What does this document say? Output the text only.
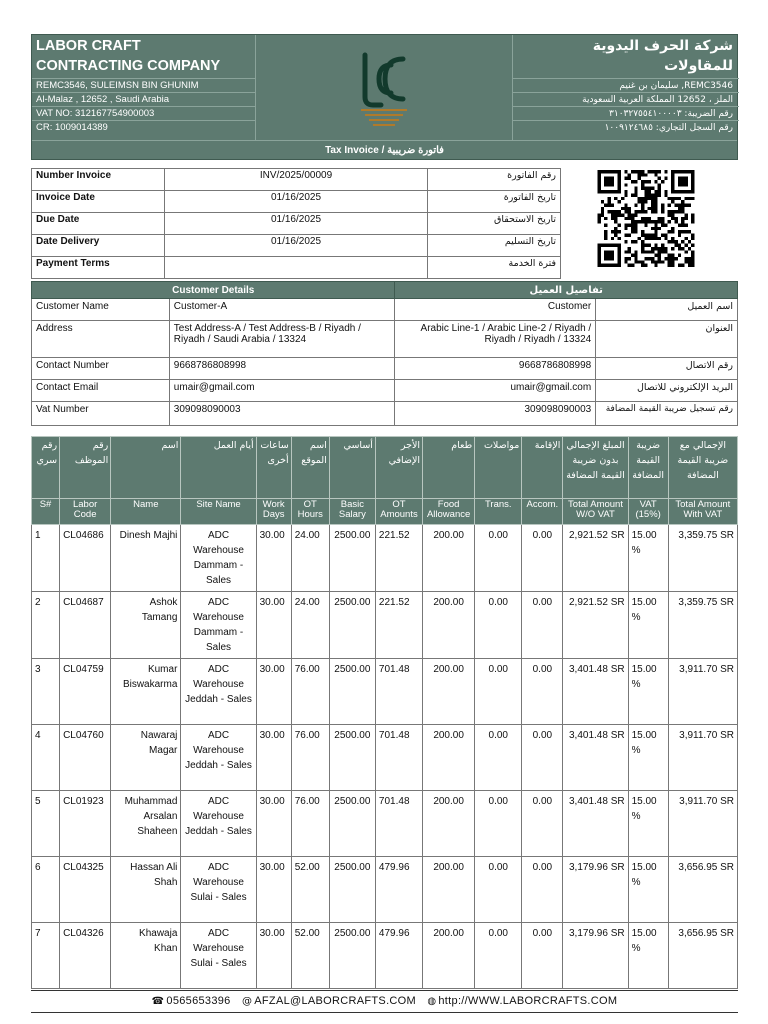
LABOR CRAFT CONTRACTING COMPANY
REMC3546, SULEIMSN BIN GHUNIM
Al-Malaz , 12652 , Saudi Arabia
VAT NO: 312167754900003
CR: 1009014389
شركة الحرف اليدوية للمقاولات
REMC3546, سليمان بن غنيم
الملز ، 12652 المملكة العربية السعودية
رقم الضريبة: ٣١٠٣٢٧٥٥٤١٠٠٠٠٣
رقم السجل التجاري: ١٠٠٩١٢٤٦٨٥
Tax Invoice / فاتورة ضريبية
Number Invoice	INV/2025/00009	رقم الفاتورة
Invoice Date	01/16/2025	تاريخ الفاتورة
Due Date	01/16/2025	تاريخ الاستحقاق
Date Delivery	01/16/2025	تاريخ التسليم
Payment Terms		فترة الخدمة
Customer Details		تفاصيل العميل	
Customer Name	Customer-A	Customer	اسم العميل
Address	Test Address-A / Test Address-B / Riyadh / Riyadh / Saudi Arabia / 13324	Arabic Line-1 / Arabic Line-2 / Riyadh / Riyadh / Riyadh / 13324	العنوان
Contact Number	9668786808998	9668786808998	رقم الاتصال
Contact Email	umair@gmail.com	umair@gmail.com	البريد الإلكتروني للاتصال
Vat Number	309098090003	309098090003	رقم تسجيل ضريبة القيمة المضافة
رقم سري	رقم الموظف	اسم	أيام العمل	ساعات أخرى	اسم الموقع	أساسي	الأجر الإضافي	طعام	مواصلات	الإقامة	المبلغ الإجمالي بدون ضريبة القيمة المضافة	ضريبة القيمة المضافة	الإجمالي مع ضريبة القيمة المضافة
S#	Labor Code	Name	Site Name	Work Days	OT Hours	Basic Salary	OT Amounts	Food Allowance	Trans.	Accom.	Total Amount W/O VAT	VAT (15%)	Total Amount With VAT
1	CL04686	Dinesh Majhi	ADC Warehouse Dammam - Sales	30.00	24.00	2500.00	221.52	200.00	0.00	0.00	2,921.52 SR	15.00 %	3,359.75 SR
2	CL04687	Ashok Tamang	ADC Warehouse Dammam - Sales	30.00	24.00	2500.00	221.52	200.00	0.00	0.00	2,921.52 SR	15.00 %	3,359.75 SR
3	CL04759	Kumar Biswakarma	ADC Warehouse Jeddah - Sales	30.00	76.00	2500.00	701.48	200.00	0.00	0.00	3,401.48 SR	15.00 %	3,911.70 SR
4	CL04760	Nawaraj Magar	ADC Warehouse Jeddah - Sales	30.00	76.00	2500.00	701.48	200.00	0.00	0.00	3,401.48 SR	15.00 %	3,911.70 SR
5	CL01923	Muhammad Arsalan Shaheen	ADC Warehouse Jeddah - Sales	30.00	76.00	2500.00	701.48	200.00	0.00	0.00	3,401.48 SR	15.00 %	3,911.70 SR
6	CL04325	Hassan Ali Shah	ADC Warehouse Sulai - Sales	30.00	52.00	2500.00	479.96	200.00	0.00	0.00	3,179.96 SR	15.00 %	3,656.95 SR
7	CL04326	Khawaja Khan	ADC Warehouse Sulai - Sales	30.00	52.00	2500.00	479.96	200.00	0.00	0.00	3,179.96 SR	15.00 %	3,656.95 SR
☎ 0565653396 @ AFZAL@LABORCRAFTS.COM ◍ http://WWW.LABORCRAFTS.COM
